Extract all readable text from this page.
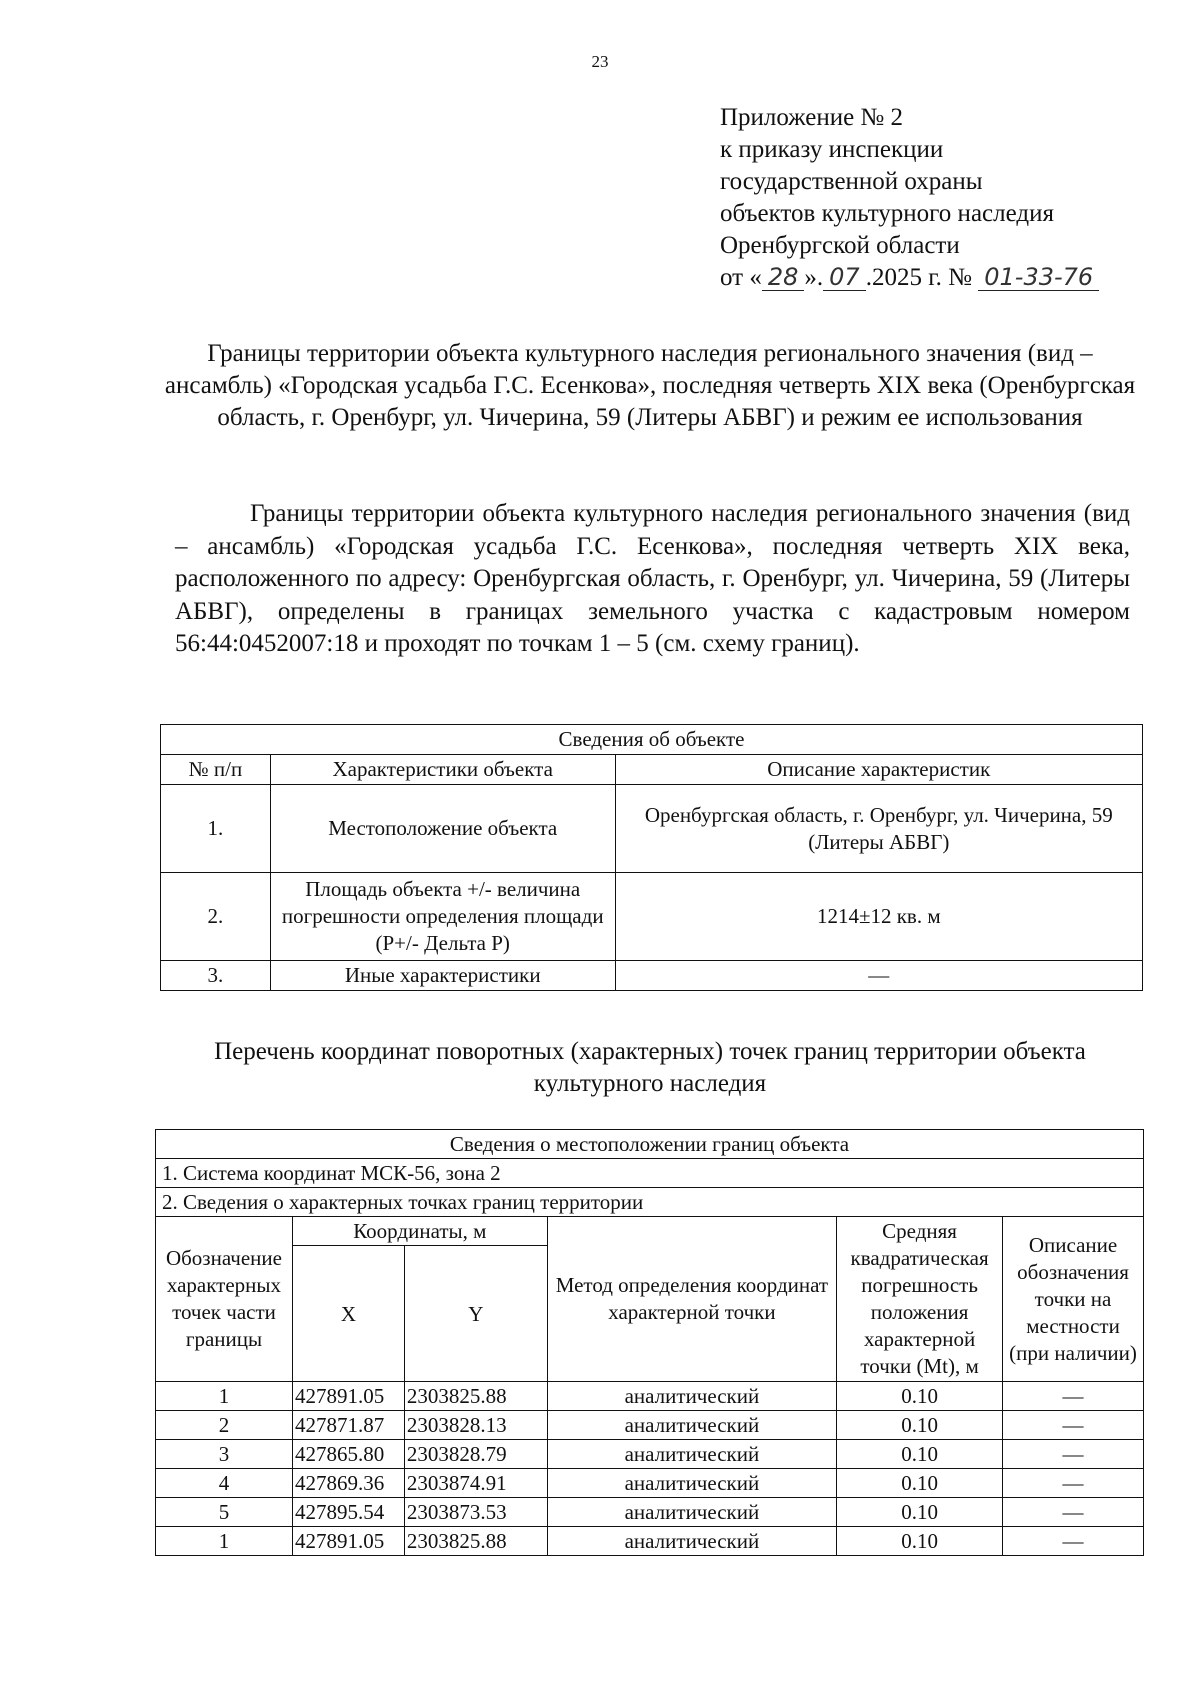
23
Приложение № 2
к приказу инспекции
государственной охраны
объектов культурного наследия
Оренбургской области
от « 28 ». 07 .2025 г. № 01-33-76
Границы территории объекта культурного наследия регионального значения (вид – ансамбль) «Городская усадьба Г.С. Есенкова», последняя четверть XIX века (Оренбургская область, г. Оренбург, ул. Чичерина, 59 (Литеры АБВГ) и режим ее использования
Границы территории объекта культурного наследия регионального значения (вид – ансамбль) «Городская усадьба Г.С. Есенкова», последняя четверть XIX века, расположенного по адресу: Оренбургская область, г. Оренбург, ул. Чичерина, 59 (Литеры АБВГ), определены в границах земельного участка с кадастровым номером 56:44:0452007:18 и проходят по точкам 1 – 5 (см. схему границ).
Сведения об объекте		
№ п/п	Характеристики объекта	Описание характеристик
1.	Местоположение объекта	Оренбургская область, г. Оренбург, ул. Чичерина, 59 (Литеры АБВГ)
2.	Площадь объекта +/- величина погрешности определения площади (Р+/- Дельта Р)	1214±12 кв. м
3.	Иные характеристики	—
Перечень координат поворотных (характерных) точек границ территории объекта культурного наследия
Сведения о местоположении границ объекта					
1. Система координат МСК-56, зона 2					
2. Сведения о характерных точках границ территории					
Обозначение характерных точек части границы	Координаты, м		Метод определения координат характерной точки	Средняя квадратическая погрешность положения характерной точки (Mt), м	Описание обозначения точки на местности (при наличии)
	X	Y			
1	427891.05	2303825.88	аналитический	0.10	—
2	427871.87	2303828.13	аналитический	0.10	—
3	427865.80	2303828.79	аналитический	0.10	—
4	427869.36	2303874.91	аналитический	0.10	—
5	427895.54	2303873.53	аналитический	0.10	—
1	427891.05	2303825.88	аналитический	0.10	—
